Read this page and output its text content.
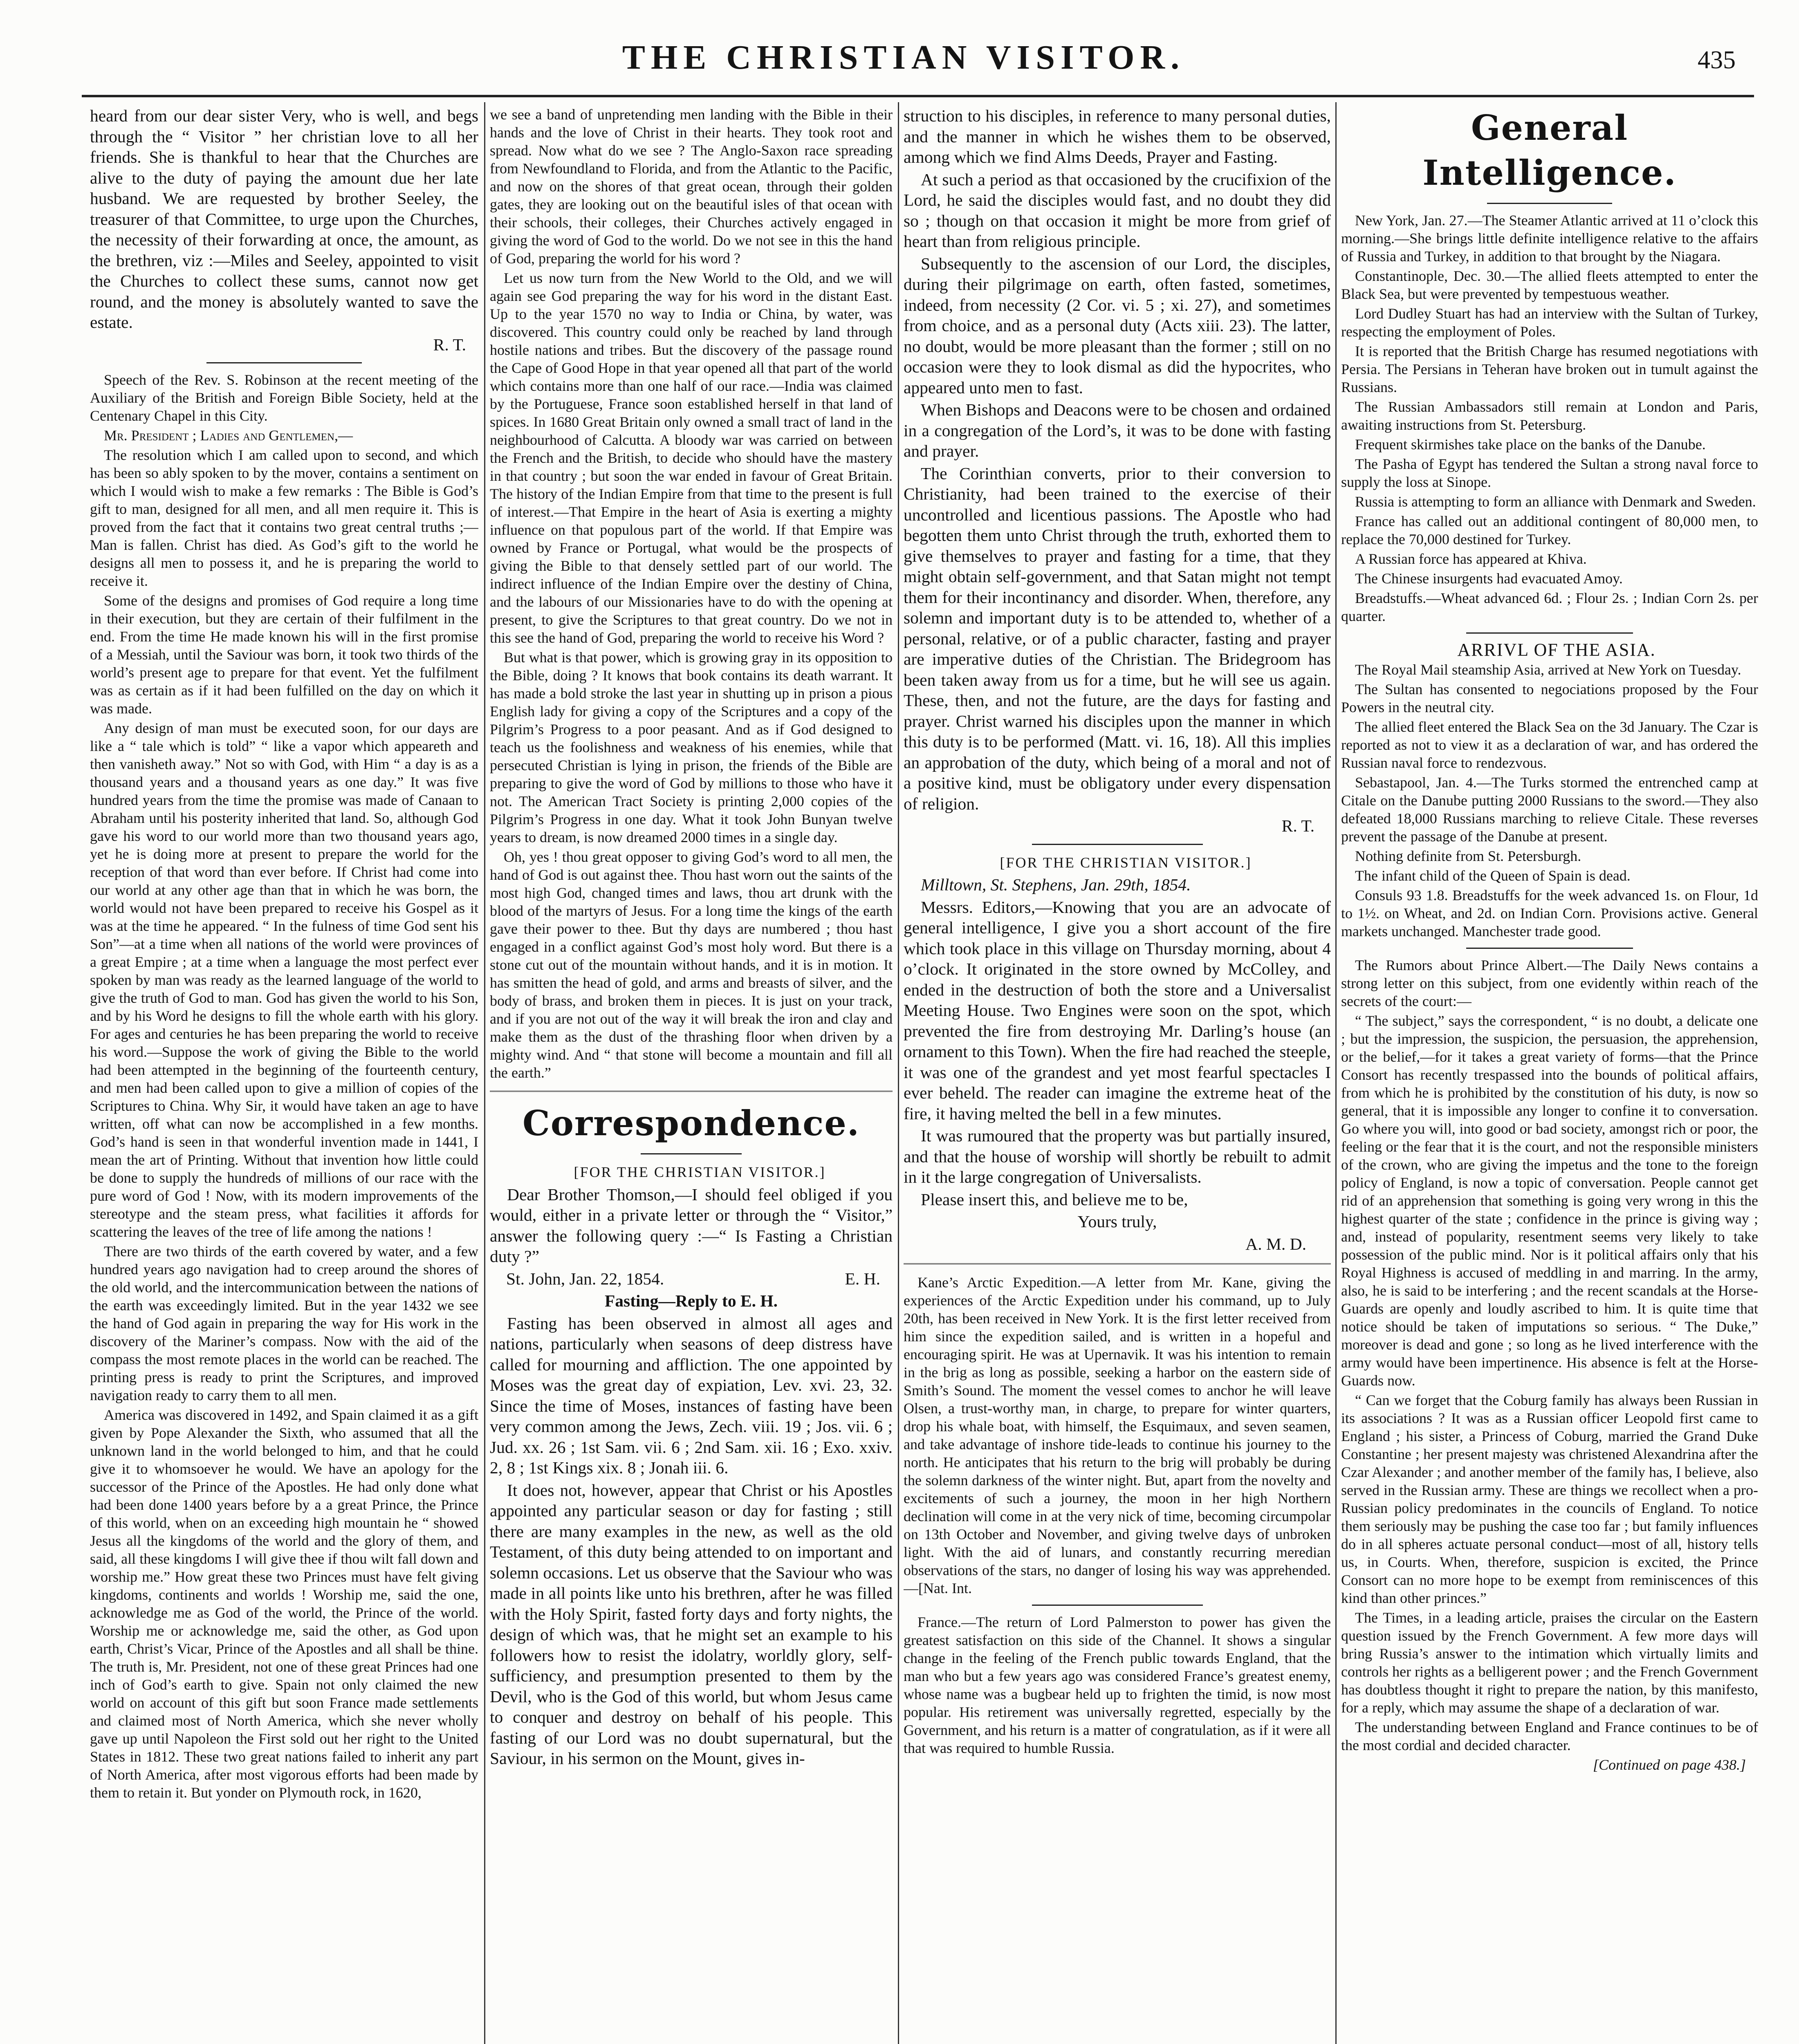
THE CHRISTIAN VISITOR.	435

heard from our dear sister Very, who is well, and begs through the “ Visitor ” her christian love to all her friends. She is thankful to hear that the Churches are alive to the duty of paying the amount due her late husband. We are requested by brother Seeley, the treasurer of that Committee, to urge upon the Churches, the necessity of their forwarding at once, the amount, as the brethren, viz :—Miles and Seeley, appointed to visit the Churches to collect these sums, cannot now get round, and the money is absolutely wanted to save the estate.

R. T.

Speech of the Rev. S. Robinson at the recent meeting of the Auxiliary of the British and Foreign Bible Society, held at the Centenary Chapel in this City.

Mr. President ; Ladies and Gentlemen,—

The resolution which I am called upon to second, and which has been so ably spoken to by the mover, contains a sentiment on which I would wish to make a few remarks : The Bible is God’s gift to man, designed for all men, and all men require it. This is proved from the fact that it contains two great central truths ;—Man is fallen. Christ has died. As God’s gift to the world he designs all men to possess it, and he is preparing the world to receive it.

Some of the designs and promises of God require a long time in their execution, but they are certain of their fulfilment in the end. From the time He made known his will in the first promise of a Messiah, until the Saviour was born, it took two thirds of the world’s present age to prepare for that event. Yet the fulfilment was as certain as if it had been fulfilled on the day on which it was made.

Any design of man must be executed soon, for our days are like a “ tale which is told” “ like a vapor which appeareth and then vanisheth away.” Not so with God, with Him “ a day is as a thousand years and a thousand years as one day.” It was five hundred years from the time the promise was made of Canaan to Abraham until his posterity inherited that land. So, although God gave his word to our world more than two thousand years ago, yet he is doing more at present to prepare the world for the reception of that word than ever before. If Christ had come into our world at any other age than that in which he was born, the world would not have been prepared to receive his Gospel as it was at the time he appeared. “ In the fulness of time God sent his Son”—at a time when all nations of the world were provinces of a great Empire ; at a time when a language the most perfect ever spoken by man was ready as the learned language of the world to give the truth of God to man. God has given the world to his Son, and by his Word he designs to fill the whole earth with his glory. For ages and centuries he has been preparing the world to receive his word.—Suppose the work of giving the Bible to the world had been attempted in the beginning of the fourteenth century, and men had been called upon to give a million of copies of the Scriptures to China. Why Sir, it would have taken an age to have written, off what can now be accomplished in a few months. God’s hand is seen in that wonderful invention made in 1441, I mean the art of Printing. Without that invention how little could be done to supply the hundreds of millions of our race with the pure word of God ! Now, with its modern improvements of the stereotype and the steam press, what facilities it affords for scattering the leaves of the tree of life among the nations !

There are two thirds of the earth covered by water, and a few hundred years ago navigation had to creep around the shores of the old world, and the intercommunication between the nations of the earth was exceedingly limited. But in the year 1432 we see the hand of God again in preparing the way for His work in the discovery of the Mariner’s compass. Now with the aid of the compass the most remote places in the world can be reached. The printing press is ready to print the Scriptures, and improved navigation ready to carry them to all men.

America was discovered in 1492, and Spain claimed it as a gift given by Pope Alexander the Sixth, who assumed that all the unknown land in the world belonged to him, and that he could give it to whomsoever he would. We have an apology for the successor of the Prince of the Apostles. He had only done what had been done 1400 years before by a a great Prince, the Prince of this world, when on an exceeding high mountain he “ showed Jesus all the kingdoms of the world and the glory of them, and said, all these kingdoms I will give thee if thou wilt fall down and worship me.” How great these two Princes must have felt giving kingdoms, continents and worlds ! Worship me, said the one, acknowledge me as God of the world, the Prince of the world. Worship me or acknowledge me, said the other, as God upon earth, Christ’s Vicar, Prince of the Apostles and all shall be thine. The truth is, Mr. President, not one of these great Princes had one inch of God’s earth to give. Spain not only claimed the new world on account of this gift but soon France made settlements and claimed most of North America, which she never wholly gave up until Napoleon the First sold out her right to the United States in 1812. These two great nations failed to inherit any part of North America, after most vigorous efforts had been made by them to retain it. But yonder on Plymouth rock, in 1620,

we see a band of unpretending men landing with the Bible in their hands and the love of Christ in their hearts. They took root and spread. Now what do we see ? The Anglo-Saxon race spreading from Newfoundland to Florida, and from the Atlantic to the Pacific, and now on the shores of that great ocean, through their golden gates, they are looking out on the beautiful isles of that ocean with their schools, their colleges, their Churches actively engaged in giving the word of God to the world. Do we not see in this the hand of God, preparing the world for his word ?

Let us now turn from the New World to the Old, and we will again see God preparing the way for his word in the distant East. Up to the year 1570 no way to India or China, by water, was discovered. This country could only be reached by land through hostile nations and tribes. But the discovery of the passage round the Cape of Good Hope in that year opened all that part of the world which contains more than one half of our race.—India was claimed by the Portuguese, France soon established herself in that land of spices. In 1680 Great Britain only owned a small tract of land in the neighbourhood of Calcutta. A bloody war was carried on between the French and the British, to decide who should have the mastery in that country ; but soon the war ended in favour of Great Britain. The history of the Indian Empire from that time to the present is full of interest.—That Empire in the heart of Asia is exerting a mighty influence on that populous part of the world. If that Empire was owned by France or Portugal, what would be the prospects of giving the Bible to that densely settled part of our world. The indirect influence of the Indian Empire over the destiny of China, and the labours of our Missionaries have to do with the opening at present, to give the Scriptures to that great country. Do we not in this see the hand of God, preparing the world to receive his Word ?

But what is that power, which is growing gray in its opposition to the Bible, doing ? It knows that book contains its death warrant. It has made a bold stroke the last year in shutting up in prison a pious English lady for giving a copy of the Scriptures and a copy of the Pilgrim’s Progress to a poor peasant. And as if God designed to teach us the foolishness and weakness of his enemies, while that persecuted Christian is lying in prison, the friends of the Bible are preparing to give the word of God by millions to those who have it not. The American Tract Society is printing 2,000 copies of the Pilgrim’s Progress in one day. What it took John Bunyan twelve years to dream, is now dreamed 2000 times in a single day.

Oh, yes ! thou great opposer to giving God’s word to all men, the hand of God is out against thee. Thou hast worn out the saints of the most high God, changed times and laws, thou art drunk with the blood of the martyrs of Jesus. For a long time the kings of the earth gave their power to thee. But thy days are numbered ; thou hast engaged in a conflict against God’s most holy word. But there is a stone cut out of the mountain without hands, and it is in motion. It has smitten the head of gold, and arms and breasts of silver, and the body of brass, and broken them in pieces. It is just on your track, and if you are not out of the way it will break the iron and clay and make them as the dust of the thrashing floor when driven by a mighty wind. And “ that stone will become a mountain and fill all the earth.”

Correspondence.

[FOR THE CHRISTIAN VISITOR.]

Dear Brother Thomson,—I should feel obliged if you would, either in a private letter or through the “ Visitor,” answer the following query :—“ Is Fasting a Christian duty ?”

St. John, Jan. 22, 1854.	E. H.

Fasting—Reply to E. H.

Fasting has been observed in almost all ages and nations, particularly when seasons of deep distress have called for mourning and affliction. The one appointed by Moses was the great day of expiation, Lev. xvi. 23, 32. Since the time of Moses, instances of fasting have been very common among the Jews, Zech. viii. 19 ; Jos. vii. 6 ; Jud. xx. 26 ; 1st Sam. vii. 6 ; 2nd Sam. xii. 16 ; Exo. xxiv. 2, 8 ; 1st Kings xix. 8 ; Jonah iii. 6.

It does not, however, appear that Christ or his Apostles appointed any particular season or day for fasting ; still there are many examples in the new, as well as the old Testament, of this duty being attended to on important and solemn occasions. Let us observe that the Saviour who was made in all points like unto his brethren, after he was filled with the Holy Spirit, fasted forty days and forty nights, the design of which was, that he might set an example to his followers how to resist the idolatry, worldly glory, self-sufficiency, and presumption presented to them by the Devil, who is the God of this world, but whom Jesus came to conquer and destroy on behalf of his people. This fasting of our Lord was no doubt supernatural, but the Saviour, in his sermon on the Mount, gives in-

struction to his disciples, in reference to many personal duties, and the manner in which he wishes them to be observed, among which we find Alms Deeds, Prayer and Fasting.

At such a period as that occasioned by the crucifixion of the Lord, he said the disciples would fast, and no doubt they did so ; though on that occasion it might be more from grief of heart than from religious principle.

Subsequently to the ascension of our Lord, the disciples, during their pilgrimage on earth, often fasted, sometimes, indeed, from necessity (2 Cor. vi. 5 ; xi. 27), and sometimes from choice, and as a personal duty (Acts xiii. 23). The latter, no doubt, would be more pleasant than the former ; still on no occasion were they to look dismal as did the hypocrites, who appeared unto men to fast.

When Bishops and Deacons were to be chosen and ordained in a congregation of the Lord’s, it was to be done with fasting and prayer.

The Corinthian converts, prior to their conversion to Christianity, had been trained to the exercise of their uncontrolled and licentious passions. The Apostle who had begotten them unto Christ through the truth, exhorted them to give themselves to prayer and fasting for a time, that they might obtain self-government, and that Satan might not tempt them for their incontinancy and disorder. When, therefore, any solemn and important duty is to be attended to, whether of a personal, relative, or of a public character, fasting and prayer are imperative duties of the Christian. The Bridegroom has been taken away from us for a time, but he will see us again. These, then, and not the future, are the days for fasting and prayer. Christ warned his disciples upon the manner in which this duty is to be performed (Matt. vi. 16, 18). All this implies an approbation of the duty, which being of a moral and not of a positive kind, must be obligatory under every dispensation of religion.

R. T.

[FOR THE CHRISTIAN VISITOR.]

Milltown, St. Stephens, Jan. 29th, 1854.

Messrs. Editors,—Knowing that you are an advocate of general intelligence, I give you a short account of the fire which took place in this village on Thursday morning, about 4 o’clock. It originated in the store owned by McColley, and ended in the destruction of both the store and a Universalist Meeting House. Two Engines were soon on the spot, which prevented the fire from destroying Mr. Darling’s house (an ornament to this Town). When the fire had reached the steeple, it was one of the grandest and yet most fearful spectacles I ever beheld. The reader can imagine the extreme heat of the fire, it having melted the bell in a few minutes.

It was rumoured that the property was but partially insured, and that the house of worship will shortly be rebuilt to admit in it the large congregation of Universalists.

Please insert this, and believe me to be,

Yours truly,

A. M. D.

Kane’s Arctic Expedition.—A letter from Mr. Kane, giving the experiences of the Arctic Expedition under his command, up to July 20th, has been received in New York. It is the first letter received from him since the expedition sailed, and is written in a hopeful and encouraging spirit. He was at Upernavik. It was his intention to remain in the brig as long as possible, seeking a harbor on the eastern side of Smith’s Sound. The moment the vessel comes to anchor he will leave Olsen, a trust-worthy man, in charge, to prepare for winter quarters, drop his whale boat, with himself, the Esquimaux, and seven seamen, and take advantage of inshore tide-leads to continue his journey to the north. He anticipates that his return to the brig will probably be during the solemn darkness of the winter night. But, apart from the novelty and excitements of such a journey, the moon in her high Northern declination will come in at the very nick of time, becoming circumpolar on 13th October and November, and giving twelve days of unbroken light. With the aid of lunars, and constantly recurring meredian observations of the stars, no danger of losing his way was apprehended.—[Nat. Int.

France.—The return of Lord Palmerston to power has given the greatest satisfaction on this side of the Channel. It shows a singular change in the feeling of the French public towards England, that the man who but a few years ago was considered France’s greatest enemy, whose name was a bugbear held up to frighten the timid, is now most popular. His retirement was universally regretted, especially by the Government, and his return is a matter of congratulation, as if it were all that was required to humble Russia.

General Intelligence.

New York, Jan. 27.—The Steamer Atlantic arrived at 11 o’clock this morning.—She brings little definite intelligence relative to the affairs of Russia and Turkey, in addition to that brought by the Niagara.

Constantinople, Dec. 30.—The allied fleets attempted to enter the Black Sea, but were prevented by tempestuous weather.

Lord Dudley Stuart has had an interview with the Sultan of Turkey, respecting the employment of Poles.

It is reported that the British Charge has resumed negotiations with Persia. The Persians in Teheran have broken out in tumult against the Russians.

The Russian Ambassadors still remain at London and Paris, awaiting instructions from St. Petersburg.

Frequent skirmishes take place on the banks of the Danube.

The Pasha of Egypt has tendered the Sultan a strong naval force to supply the loss at Sinope.

Russia is attempting to form an alliance with Denmark and Sweden.

France has called out an additional contingent of 80,000 men, to replace the 70,000 destined for Turkey.

A Russian force has appeared at Khiva.

The Chinese insurgents had evacuated Amoy.

Breadstuffs.—Wheat advanced 6d. ; Flour 2s. ; Indian Corn 2s. per quarter.

ARRIVL OF THE ASIA.

The Royal Mail steamship Asia, arrived at New York on Tuesday.

The Sultan has consented to negociations proposed by the Four Powers in the neutral city.

The allied fleet entered the Black Sea on the 3d January. The Czar is reported as not to view it as a declaration of war, and has ordered the Russian naval force to rendezvous.

Sebastapool, Jan. 4.—The Turks stormed the entrenched camp at Citale on the Danube putting 2000 Russians to the sword.—They also defeated 18,000 Russians marching to relieve Citale. These reverses prevent the passage of the Danube at present.

Nothing definite from St. Petersburgh.

The infant child of the Queen of Spain is dead.

Consuls 93 1.8. Breadstuffs for the week advanced 1s. on Flour, 1d to 1½. on Wheat, and 2d. on Indian Corn. Provisions active. General markets unchanged. Manchester trade good.

The Rumors about Prince Albert.—The Daily News contains a strong letter on this subject, from one evidently within reach of the secrets of the court:—

“ The subject,” says the correspondent, “ is no doubt, a delicate one ; but the impression, the suspicion, the persuasion, the apprehension, or the belief,—for it takes a great variety of forms—that the Prince Consort has recently trespassed into the bounds of political affairs, from which he is prohibited by the constitution of his duty, is now so general, that it is impossible any longer to confine it to conversation. Go where you will, into good or bad society, amongst rich or poor, the feeling or the fear that it is the court, and not the responsible ministers of the crown, who are giving the impetus and the tone to the foreign policy of England, is now a topic of conversation. People cannot get rid of an apprehension that something is going very wrong in this the highest quarter of the state ; confidence in the prince is giving way ; and, instead of popularity, resentment seems very likely to take possession of the public mind. Nor is it political affairs only that his Royal Highness is accused of meddling in and marring. In the army, also, he is said to be interfering ; and the recent scandals at the Horse-Guards are openly and loudly ascribed to him. It is quite time that notice should be taken of imputations so serious. “ The Duke,” moreover is dead and gone ; so long as he lived interference with the army would have been impertinence. His absence is felt at the Horse-Guards now.

“ Can we forget that the Coburg family has always been Russian in its associations ? It was as a Russian officer Leopold first came to England ; his sister, a Princess of Coburg, married the Grand Duke Constantine ; her present majesty was christened Alexandrina after the Czar Alexander ; and another member of the family has, I believe, also served in the Russian army. These are things we recollect when a pro-Russian policy predominates in the councils of England. To notice them seriously may be pushing the case too far ; but family influences do in all spheres actuate personal conduct—most of all, history tells us, in Courts. When, therefore, suspicion is excited, the Prince Consort can no more hope to be exempt from reminiscences of this kind than other princes.”

The Times, in a leading article, praises the circular on the Eastern question issued by the French Government. A few more days will bring Russia’s answer to the intimation which virtually limits and controls her rights as a belligerent power ; and the French Government has doubtless thought it right to prepare the nation, by this manifesto, for a reply, which may assume the shape of a declaration of war.

The understanding between England and France continues to be of the most cordial and decided character.

[Continued on page 438.]
